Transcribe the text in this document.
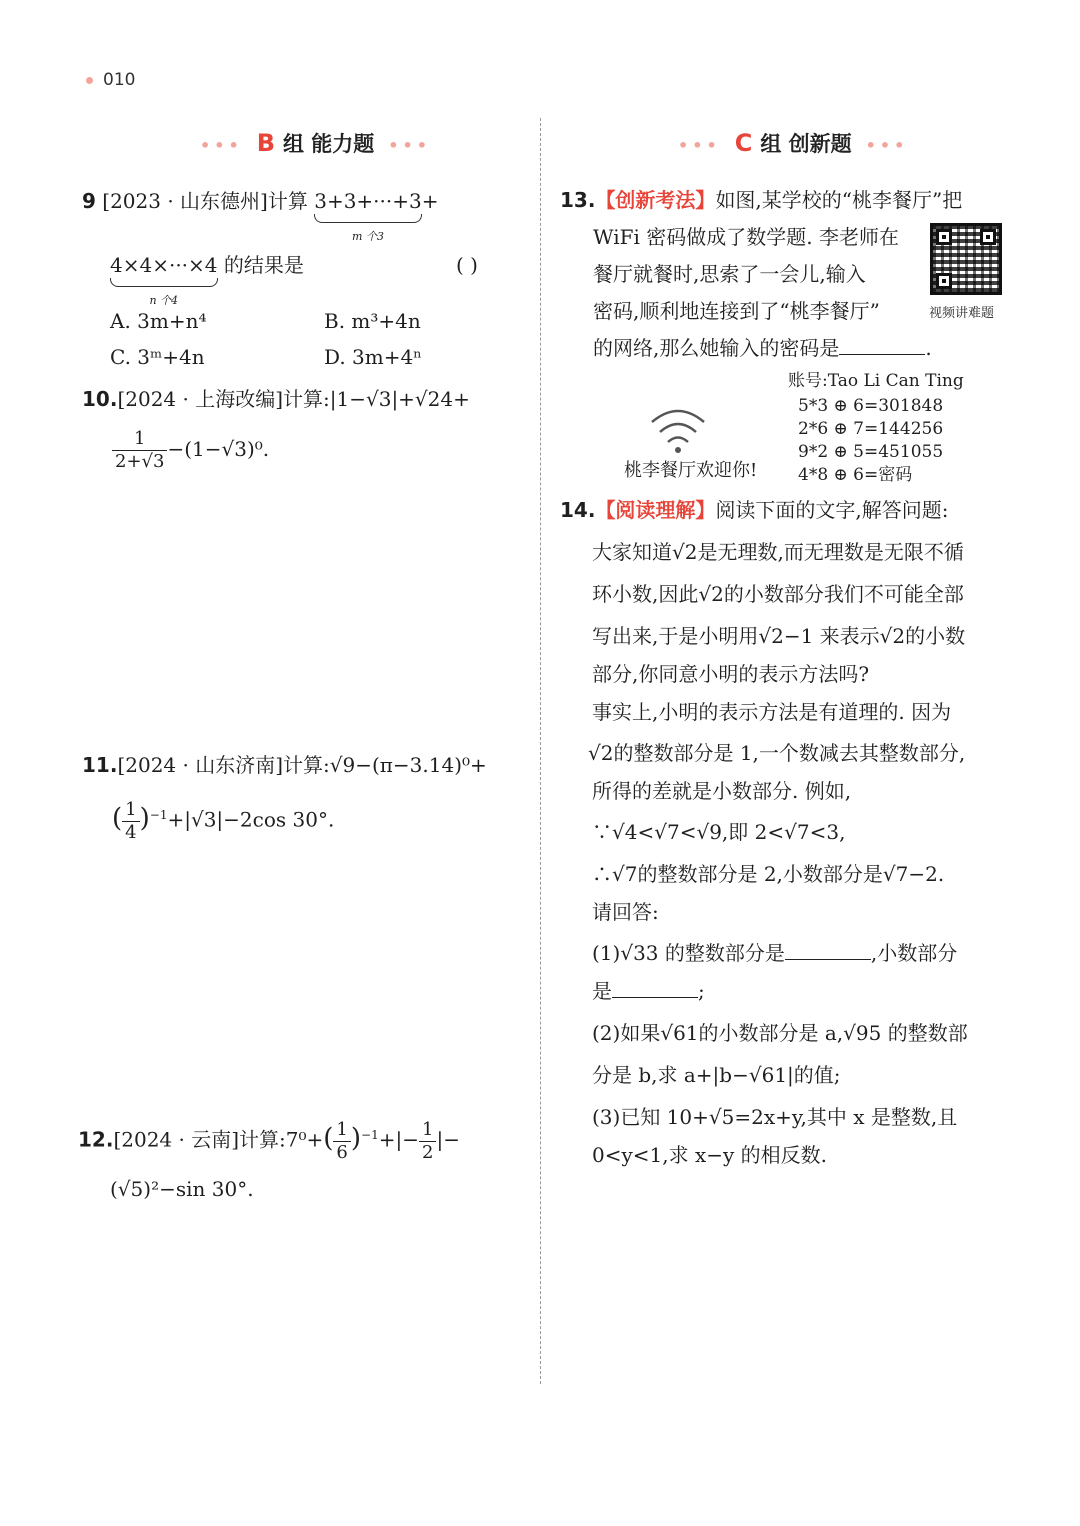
010
••• B 组 能力题 •••	••• C 组 创新题 •••
9 [2023 · 山东德州]计算 3+3+···+3
m 个3
+
4×4×···×4
n 个4
的结果是	( )
A. 3m+n⁴	B. m³+4n
C. 3ᵐ+4n	D. 3m+4ⁿ
10.[2024 · 上海改编]计算:|1−√3|+√24+
$\frac{1}{2+√3} -(1-√3)^0$.
11.[2024 · 山东济南]计算:√9−(π−3.14)⁰+
( $\frac{1}{4} )^{-1}+|√3|-2\cos$ 30°.
12.[2024 · 云南]计算:7⁰+( $\frac{1}{6} )^{-1}+|- \frac{1}{2}$ |−
(√5)²−sin 30°.
13.【创新考法】如图,某学校的“桃李餐厅”把
WiFi 密码做成了数学题. 李老师在
餐厅就餐时,思索了一会儿,输入
密码,顺利地连接到了“桃李餐厅”
的网络,那么她输入的密码是	.
视频讲难题
桃李餐厅欢迎你!
账号:Tao Li Can Ting
5*3 ⊕ 6=301848
2*6 ⊕ 7=144256
9*2 ⊕ 5=451055
4*8 ⊕ 6=密码
14.【阅读理解】阅读下面的文字,解答问题:
大家知道√2是无理数,而无理数是无限不循
环小数,因此√2的小数部分我们不可能全部
写出来,于是小明用√2−1 来表示√2的小数
部分,你同意小明的表示方法吗?
事实上,小明的表示方法是有道理的. 因为
√2的整数部分是 1,一个数减去其整数部分,
所得的差就是小数部分. 例如,
∵√4<√7<√9,即 2<√7<3,
∴√7的整数部分是 2,小数部分是√7−2.
请回答:
(1)√33 的整数部分是	,小数部分
是	;
(2)如果√61的小数部分是 a,√95 的整数部
分是 b,求 a+|b−√61|的值;
(3)已知 10+√5=2x+y,其中 x 是整数,且
0<y<1,求 x−y 的相反数.
